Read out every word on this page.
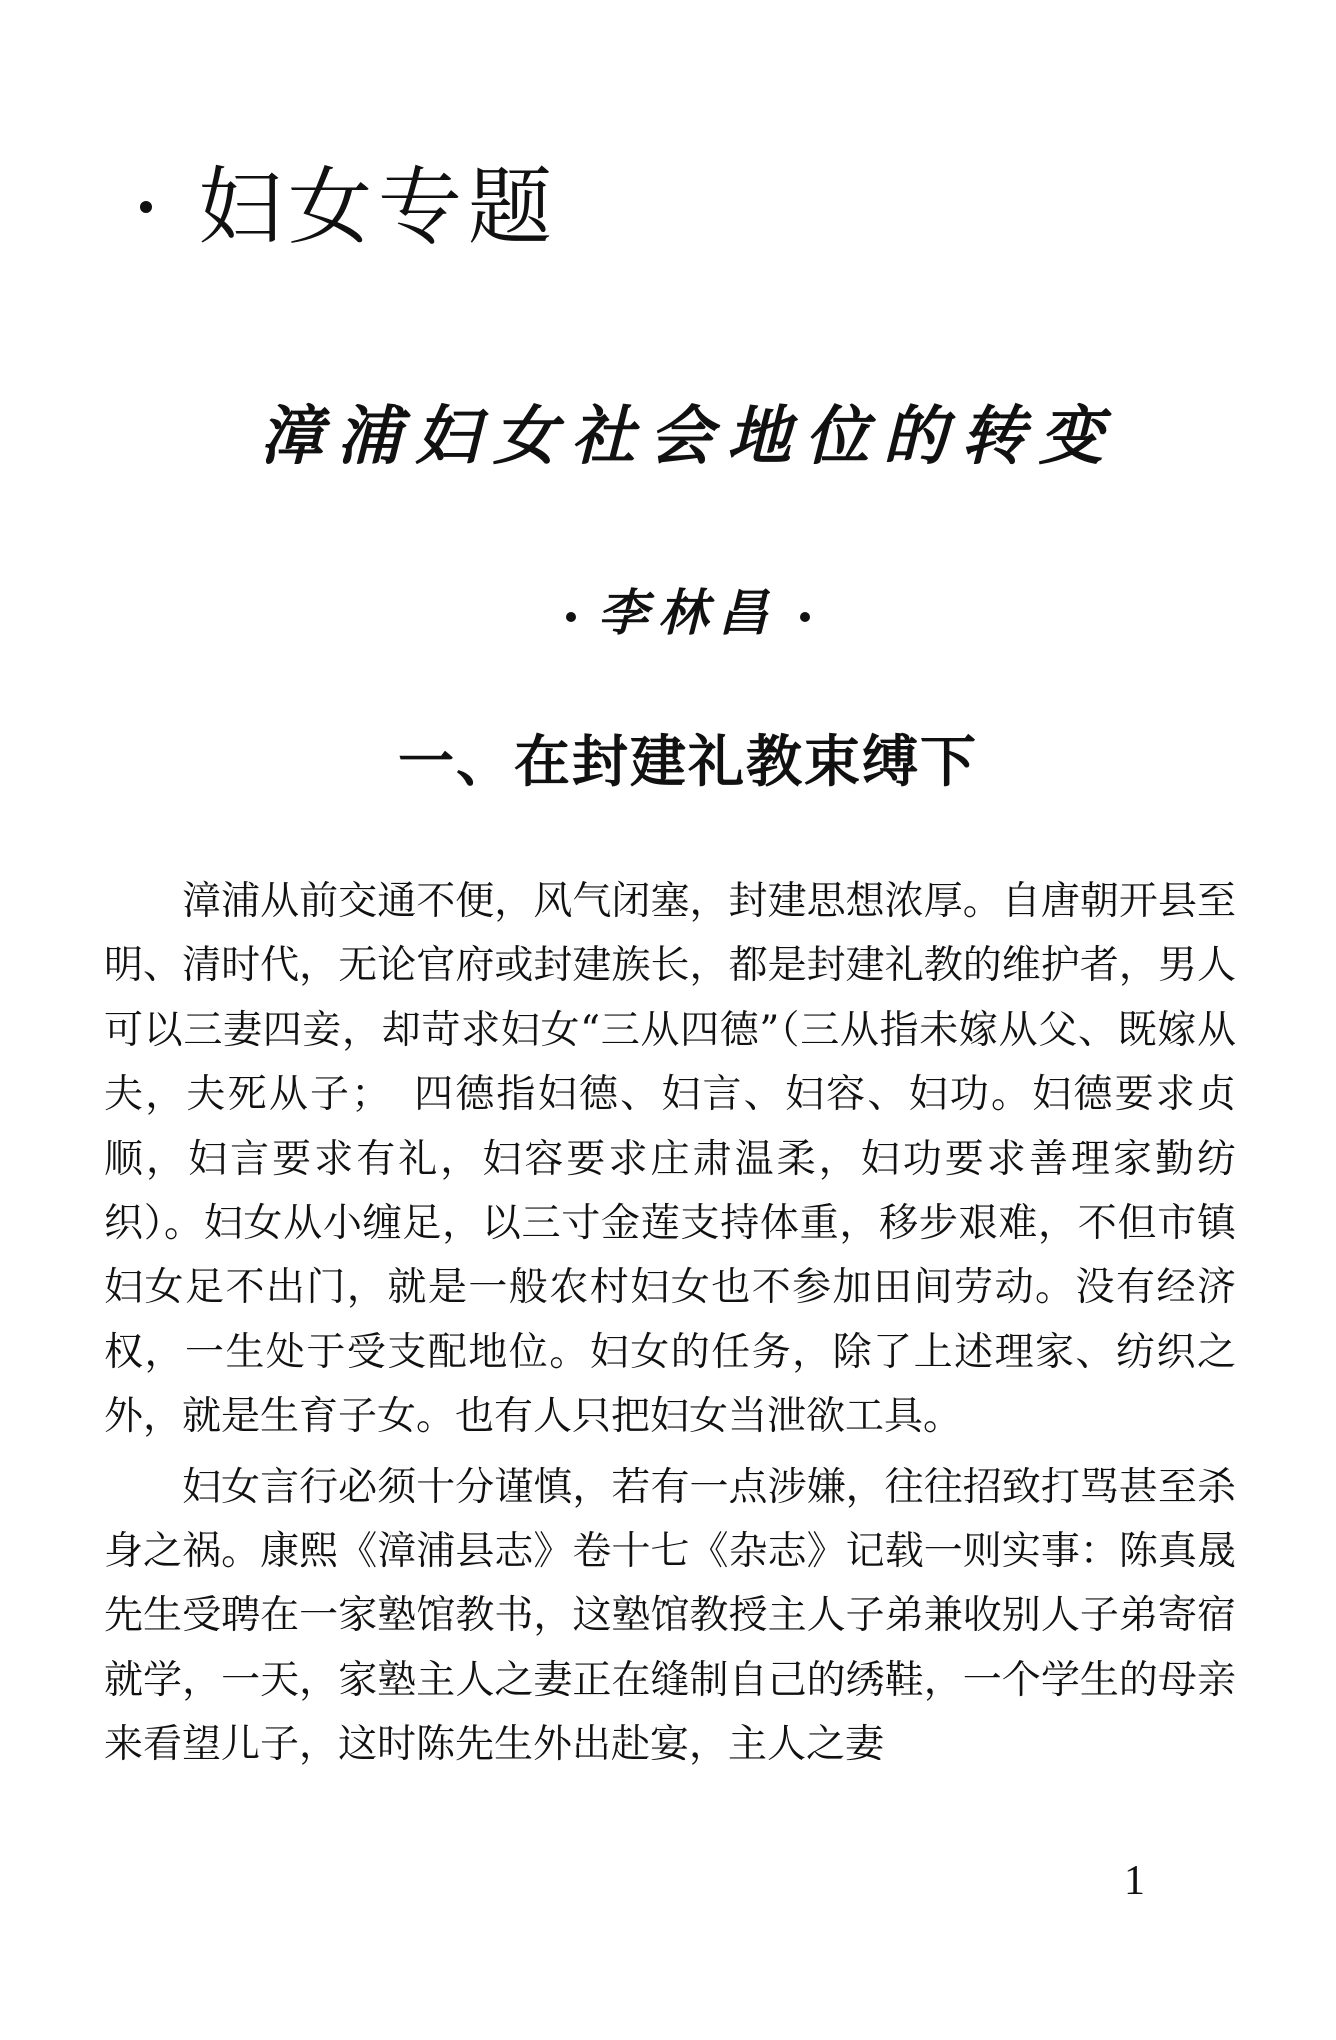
妇女专题
漳浦妇女社会地位的转变
李林昌
一、在封建礼教束缚下

漳浦从前交通不便，风气闭塞，封建思想浓厚。自唐朝开县至明、清时代，无论官府或封建族长，都是封建礼教的维护者，男人可以三妻四妾，却苛求妇女“三从四德”（三从指未嫁从父、既嫁从夫，夫死从子；　四德指妇德、妇言、妇容、妇功。妇德要求贞顺，妇言要求有礼，妇容要求庄肃温柔，妇功要求善理家勤纺织）。妇女从小缠足，以三寸金莲支持体重，移步艰难，不但市镇妇女足不出门，就是一般农村妇女也不参加田间劳动。没有经济权，一生处于受支配地位。妇女的任务，除了上述理家、纺织之外，就是生育子女。也有人只把妇女当泄欲工具。

妇女言行必须十分谨慎，若有一点涉嫌，往往招致打骂甚至杀身之祸。康熙《漳浦县志》卷十七《杂志》记载一则实事：陈真晟先生受聘在一家塾馆教书，这塾馆教授主人子弟兼收别人子弟寄宿就学，一天，家塾主人之妻正在缝制自己的绣鞋，一个学生的母亲来看望儿子，这时陈先生外出赴宴，主人之妻

1
